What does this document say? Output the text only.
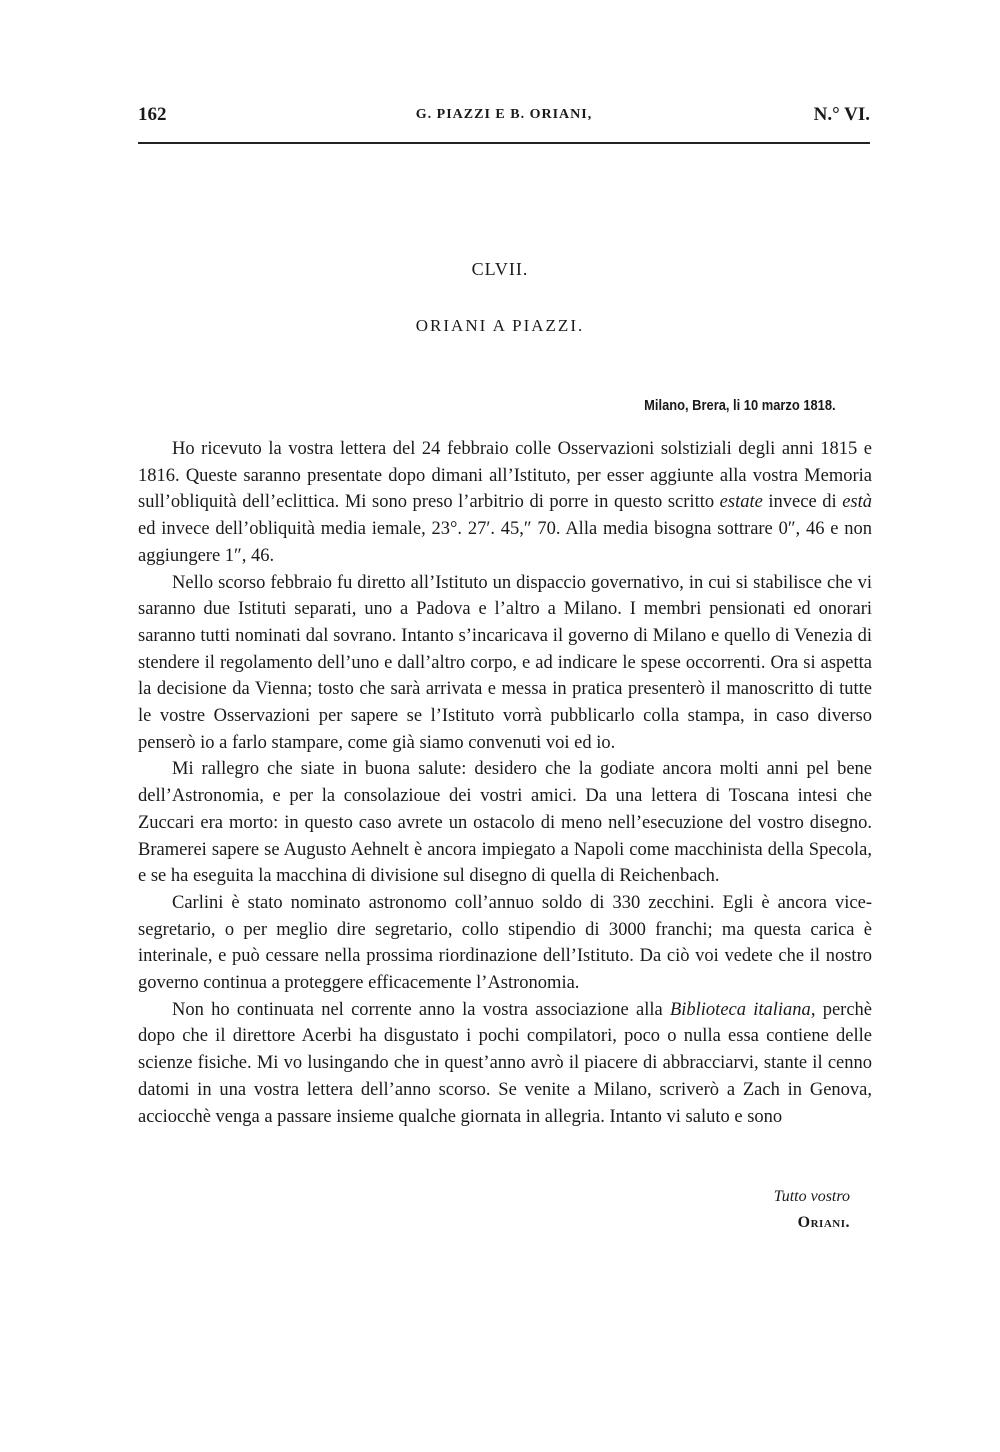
162	G. PIAZZI E B. ORIANI,	N.° VI.
CLVII.
ORIANI A PIAZZI.
Milano, Brera, li 10 marzo 1818.

Ho ricevuto la vostra lettera del 24 febbraio colle Osservazioni solstiziali degli anni 1815 e 1816. Queste saranno presentate dopo dimani all’Istituto, per esser aggiunte alla vostra Memoria sull’obliquità dell’eclittica. Mi sono preso l’arbitrio di porre in questo scritto estate invece di està ed invece dell’obliquità media iemale, 23°. 27′. 45,″ 70. Alla media bisogna sottrare 0″, 46 e non aggiungere 1″, 46.

Nello scorso febbraio fu diretto all’Istituto un dispaccio governativo, in cui si stabilisce che vi saranno due Istituti separati, uno a Padova e l’altro a Milano. I membri pensionati ed onorari saranno tutti nominati dal sovrano. Intanto s’incaricava il governo di Milano e quello di Venezia di stendere il regolamento dell’uno e dall’altro corpo, e ad indicare le spese occorrenti. Ora si aspetta la decisione da Vienna; tosto che sarà arrivata e messa in pratica presenterò il manoscritto di tutte le vostre Osservazioni per sapere se l’Istituto vorrà pubblicarlo colla stampa, in caso diverso penserò io a farlo stampare, come già siamo convenuti voi ed io.

Mi rallegro che siate in buona salute: desidero che la godiate ancora molti anni pel bene dell’Astronomia, e per la consolazioue dei vostri amici. Da una lettera di Toscana intesi che Zuccari era morto: in questo caso avrete un ostacolo di meno nell’esecuzione del vostro disegno. Bramerei sapere se Augusto Aehnelt è ancora impiegato a Napoli come macchinista della Specola, e se ha eseguita la macchina di divisione sul disegno di quella di Reichenbach.

Carlini è stato nominato astronomo coll’annuo soldo di 330 zecchini. Egli è ancora vice-segretario, o per meglio dire segretario, collo stipendio di 3000 franchi; ma questa carica è interinale, e può cessare nella prossima riordinazione dell’Istituto. Da ciò voi vedete che il nostro governo continua a proteggere efficacemente l’Astronomia.

Non ho continuata nel corrente anno la vostra associazione alla Biblioteca italiana, perchè dopo che il direttore Acerbi ha disgustato i pochi compilatori, poco o nulla essa contiene delle scienze fisiche. Mi vo lusingando che in quest’anno avrò il piacere di abbracciarvi, stante il cenno datomi in una vostra lettera dell’anno scorso. Se venite a Milano, scriverò a Zach in Genova, acciocchè venga a passare insieme qualche giornata in allegria. Intanto vi saluto e sono

Tutto vostro
Oriani.
